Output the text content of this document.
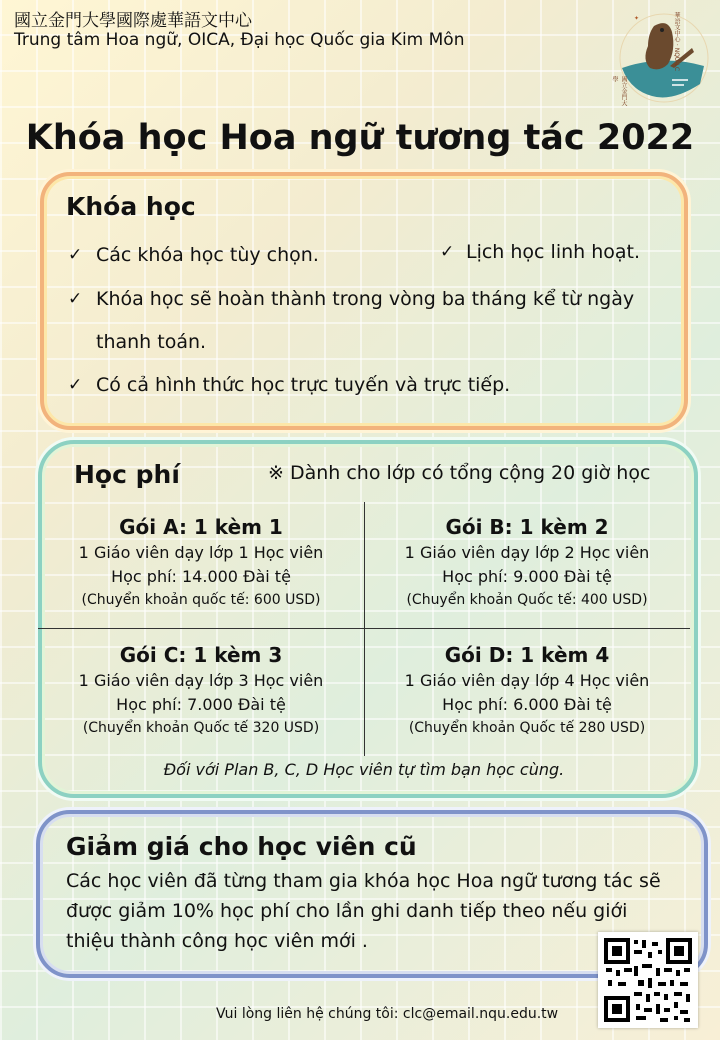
國立金門大學國際處華語文中心
Trung tâm Hoa ngữ, OICA, Đại học Quốc gia Kim Môn
✦	華語文中心 · NQU-LC
國立金門大學
Khóa học Hoa ngữ tương tác 2022
Khóa học
✓ Các khóa học tùy chọn.	✓ Lịch học linh hoạt.
✓ Khóa học sẽ hoàn thành trong vòng ba tháng kể từ ngày
thanh toán.
✓ Có cả hình thức học trực tuyến và trực tiếp.
Học phí	※ Dành cho lớp có tổng cộng 20 giờ học
Gói A: 1 kèm 1
1 Giáo viên dạy lớp 1 Học viên
Học phí: 14.000 Đài tệ
(Chuyển khoản quốc tế: 600 USD)
Gói B: 1 kèm 2
1 Giáo viên dạy lớp 2 Học viên
Học phí: 9.000 Đài tệ
(Chuyển khoản Quốc tế: 400 USD)
Gói C: 1 kèm 3
1 Giáo viên dạy lớp 3 Học viên
Học phí: 7.000 Đài tệ
(Chuyển khoản Quốc tế 320 USD)
Gói D: 1 kèm 4
1 Giáo viên dạy lớp 4 Học viên
Học phí: 6.000 Đài tệ
(Chuyển khoản Quốc tế 280 USD)
Đối với Plan B, C, D Học viên tự tìm bạn học cùng.
Giảm giá cho học viên cũ
Các học viên đã từng tham gia khóa học Hoa ngữ tương tác sẽ
được giảm 10% học phí cho lần ghi danh tiếp theo nếu giới
thiệu thành công học viên mới .
Vui lòng liên hệ chúng tôi: clc@email.nqu.edu.tw
